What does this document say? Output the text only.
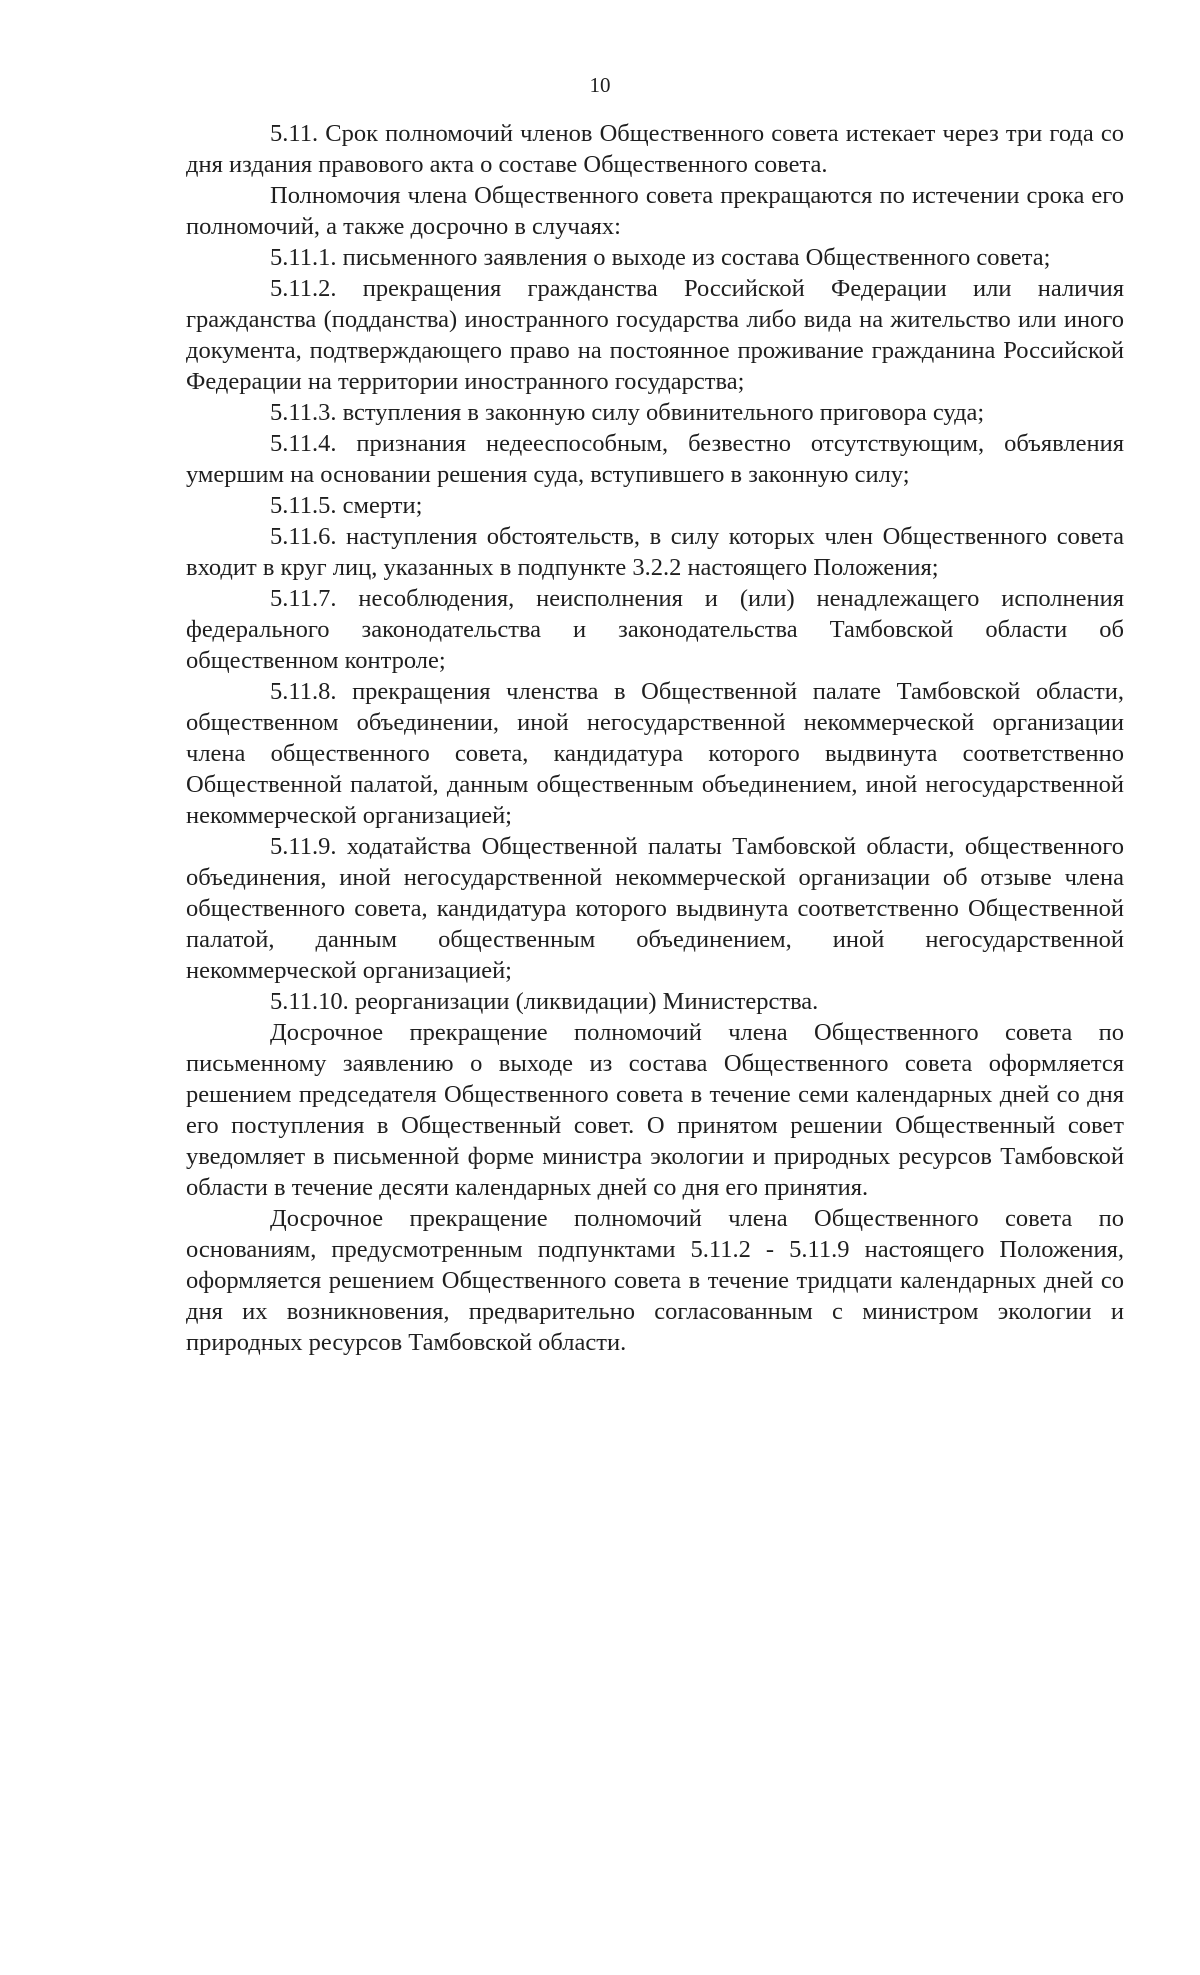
10

5.11. Срок полномочий членов Общественного совета истекает через три года со дня издания правового акта о составе Общественного совета.

Полномочия члена Общественного совета прекращаются по истечении срока его полномочий, а также досрочно в случаях:

5.11.1. письменного заявления о выходе из состава Общественного совета;

5.11.2. прекращения гражданства Российской Федерации или наличия гражданства (подданства) иностранного государства либо вида на жительство или иного документа, подтверждающего право на постоянное проживание гражданина Российской Федерации на территории иностранного государства;

5.11.3. вступления в законную силу обвинительного приговора суда;

5.11.4. признания недееспособным, безвестно отсутствующим, объявления умершим на основании решения суда, вступившего в законную силу;

5.11.5. смерти;

5.11.6. наступления обстоятельств, в силу которых член Общественного совета входит в круг лиц, указанных в подпункте 3.2.2 настоящего Положения;

5.11.7. несоблюдения, неисполнения и (или) ненадлежащего исполнения федерального законодательства и законодательства Тамбовской области об общественном контроле;

5.11.8. прекращения членства в Общественной палате Тамбовской области, общественном объединении, иной негосударственной некоммерческой организации члена общественного совета, кандидатура которого выдвинута соответственно Общественной палатой, данным общественным объединением, иной негосударственной некоммерческой организацией;

5.11.9. ходатайства Общественной палаты Тамбовской области, общественного объединения, иной негосударственной некоммерческой организации об отзыве члена общественного совета, кандидатура которого выдвинута соответственно Общественной палатой, данным общественным объединением, иной негосударственной некоммерческой организацией;

5.11.10. реорганизации (ликвидации) Министерства.

Досрочное прекращение полномочий члена Общественного совета по письменному заявлению о выходе из состава Общественного совета оформляется решением председателя Общественного совета в течение семи календарных дней со дня его поступления в Общественный совет. О принятом решении Общественный совет уведомляет в письменной форме министра экологии и природных ресурсов Тамбовской области в течение десяти календарных дней со дня его принятия.

Досрочное прекращение полномочий члена Общественного совета по основаниям, предусмотренным подпунктами 5.11.2 - 5.11.9 настоящего Положения, оформляется решением Общественного совета в течение тридцати календарных дней со дня их возникновения, предварительно согласованным с министром экологии и природных ресурсов Тамбовской области.
